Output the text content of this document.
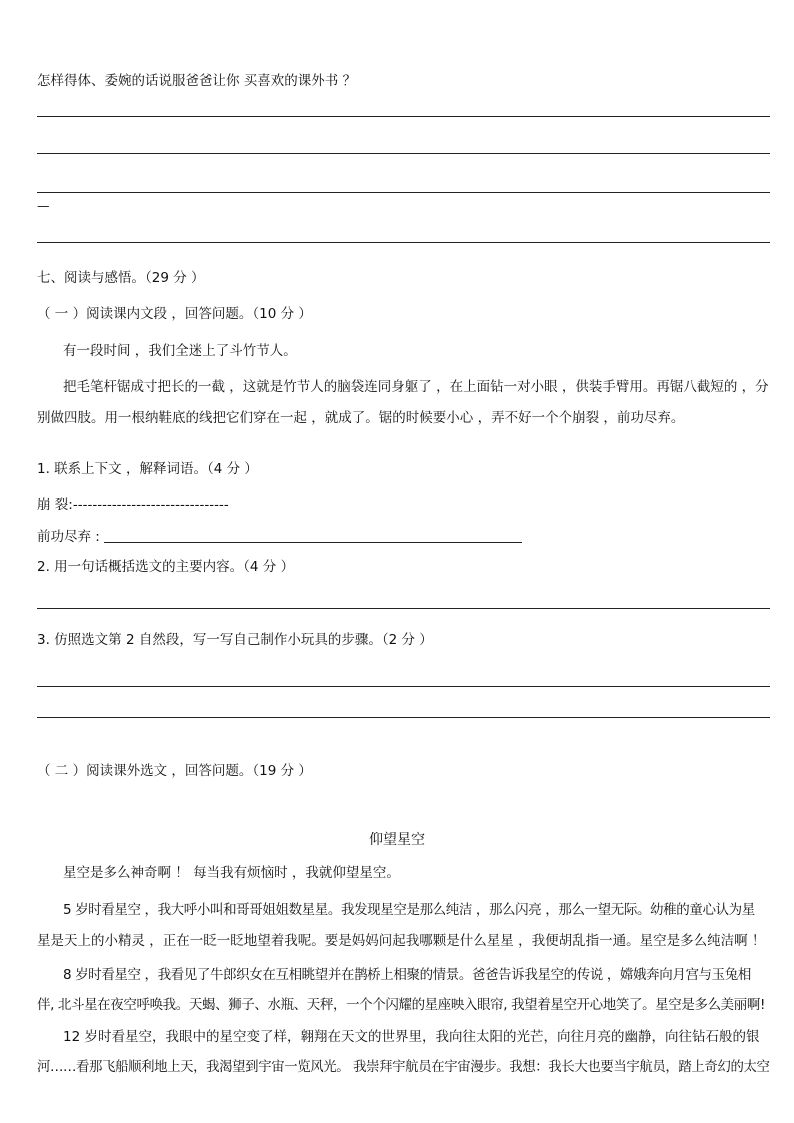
怎样得体、委婉的话说服爸爸让你 买喜欢的课外书 ？
—
七、阅读与感悟。（29 分 ）
（ 一 ）阅读课内文段 ，回答问题。（10 分 ）
有一段时间 ，我们全迷上了斗竹节人。
把毛笔杆锯成寸把长的一截 ，这就是竹节人的脑袋连同身躯了 ，在上面钻一对小眼 ，供装手臂用。再锯八截短的 ，分
别做四肢。用一根纳鞋底的线把它们穿在一起 ，就成了。锯的时候要小心 ，弄不好一个个崩裂 ，前功尽弃。
1. 联系上下文 ，解释词语。（4 分 ）
崩 裂:--------------------------------
前功尽弃 :
2. 用一句话概括选文的主要内容。（4 分 ）
3. 仿照选文第 2 自然段，写一写自己制作小玩具的步骤。（2 分 ）
（ 二 ）阅读课外选文 ，回答问题。（19 分 ）
仰望星空
星空是多么神奇啊 ！ 每当我有烦恼时 ，我就仰望星空。
5 岁时看星空 ，我大呼小叫和哥哥姐姐数星星。我发现星空是那么纯洁 ，那么闪亮 ，那么一望无际。幼稚的童心认为星
星是天上的小精灵 ，正在一眨一眨地望着我呢。要是妈妈问起我哪颗是什么星星 ，我便胡乱指一通。星空是多么纯洁啊 ！
8 岁时看星空 ，我看见了牛郎织女在互相眺望并在鹊桥上相聚的情景。爸爸告诉我星空的传说 ，嫦娥奔向月宫与玉兔相
伴, 北斗星在夜空呼唤我。天蝎、狮子、水瓶、天秤，一个个闪耀的星座映入眼帘, 我望着星空开心地笑了。星空是多么美丽啊!
12 岁时看星空，我眼中的星空变了样，翱翔在天文的世界里，我向往太阳的光芒，向往月亮的幽静，向往钻石般的银
河……看那飞船顺利地上天，我渴望到宇宙一览风光。 我崇拜宇航员在宇宙漫步。我想：我长大也要当宇航员，踏上奇幻的太空
